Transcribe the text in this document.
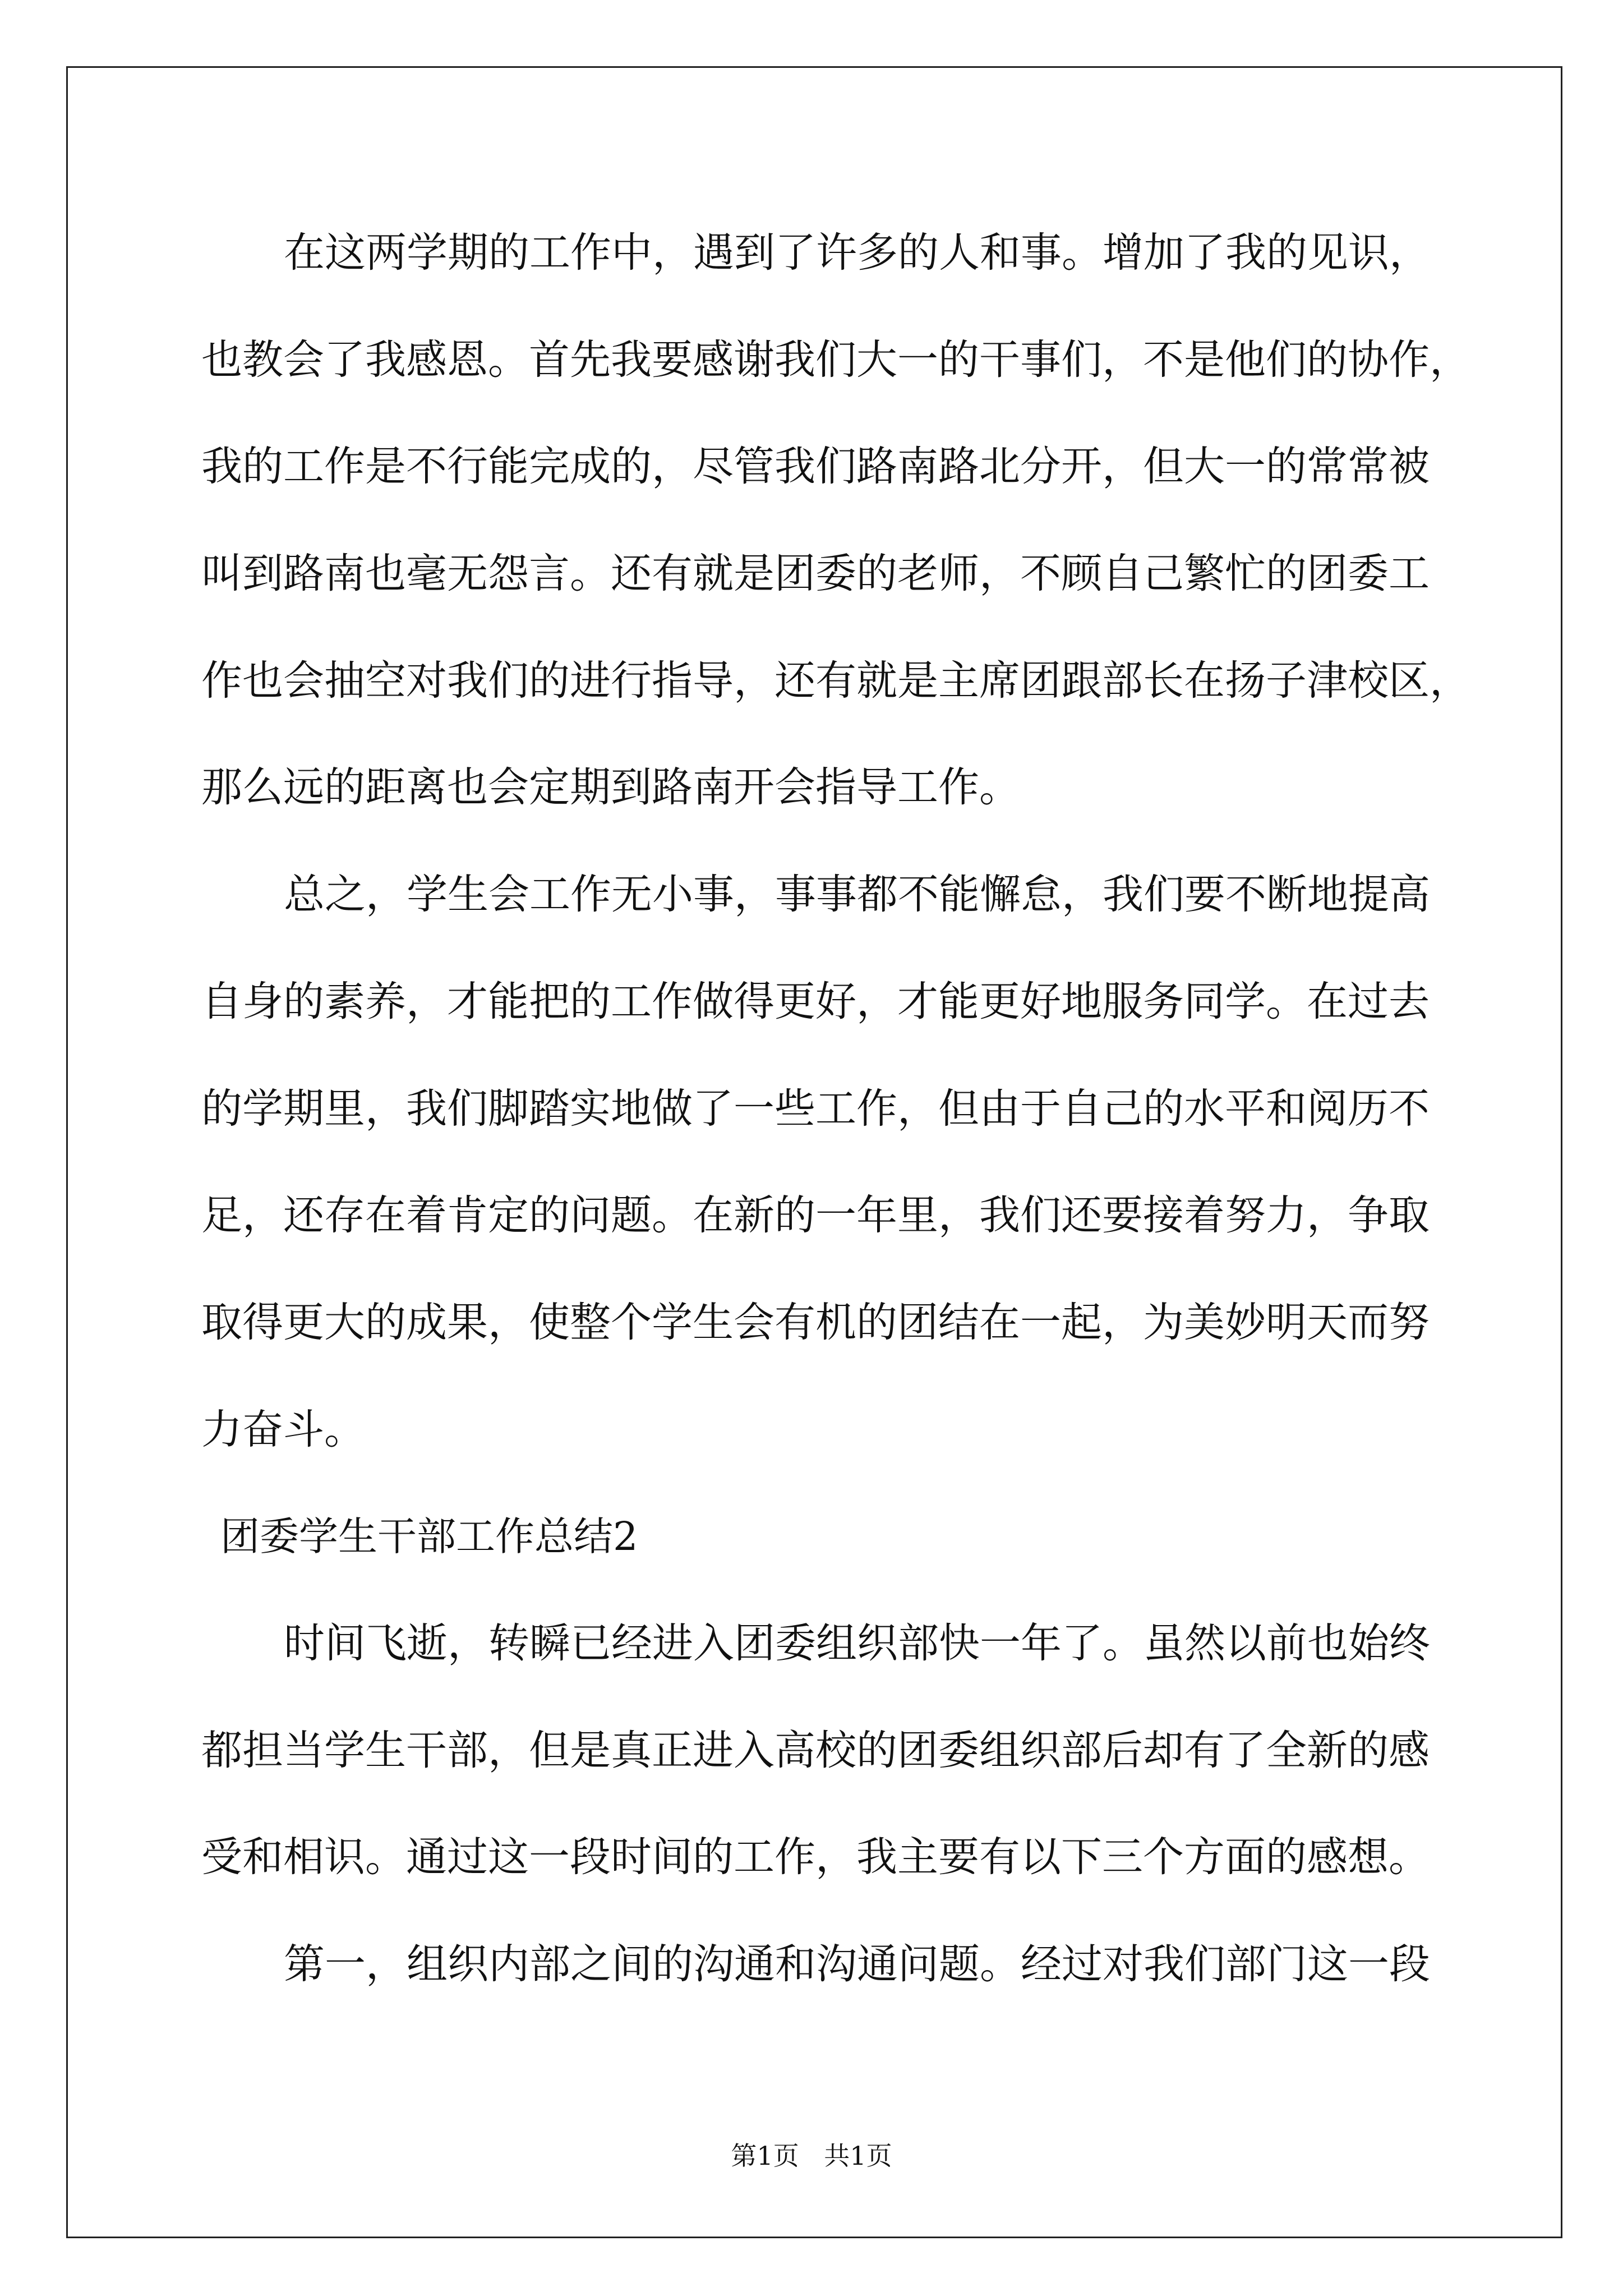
在这两学期的工作中，遇到了许多的人和事。增加了我的见识，
也教会了我感恩。首先我要感谢我们大一的干事们，不是他们的协作，
我的工作是不行能完成的，尽管我们路南路北分开，但大一的常常被
叫到路南也毫无怨言。还有就是团委的老师，不顾自己繁忙的团委工
作也会抽空对我们的进行指导，还有就是主席团跟部长在扬子津校区，
那么远的距离也会定期到路南开会指导工作。
总之，学生会工作无小事，事事都不能懈怠，我们要不断地提高
自身的素养，才能把的工作做得更好，才能更好地服务同学。在过去
的学期里，我们脚踏实地做了一些工作，但由于自己的水平和阅历不
足，还存在着肯定的问题。在新的一年里，我们还要接着努力，争取
取得更大的成果，使整个学生会有机的团结在一起，为美妙明天而努
力奋斗。
团委学生干部工作总结2
时间飞逝，转瞬已经进入团委组织部快一年了。虽然以前也始终
都担当学生干部，但是真正进入高校的团委组织部后却有了全新的感
受和相识。通过这一段时间的工作，我主要有以下三个方面的感想。
第一，组织内部之间的沟通和沟通问题。经过对我们部门这一段
第1页 共1页
